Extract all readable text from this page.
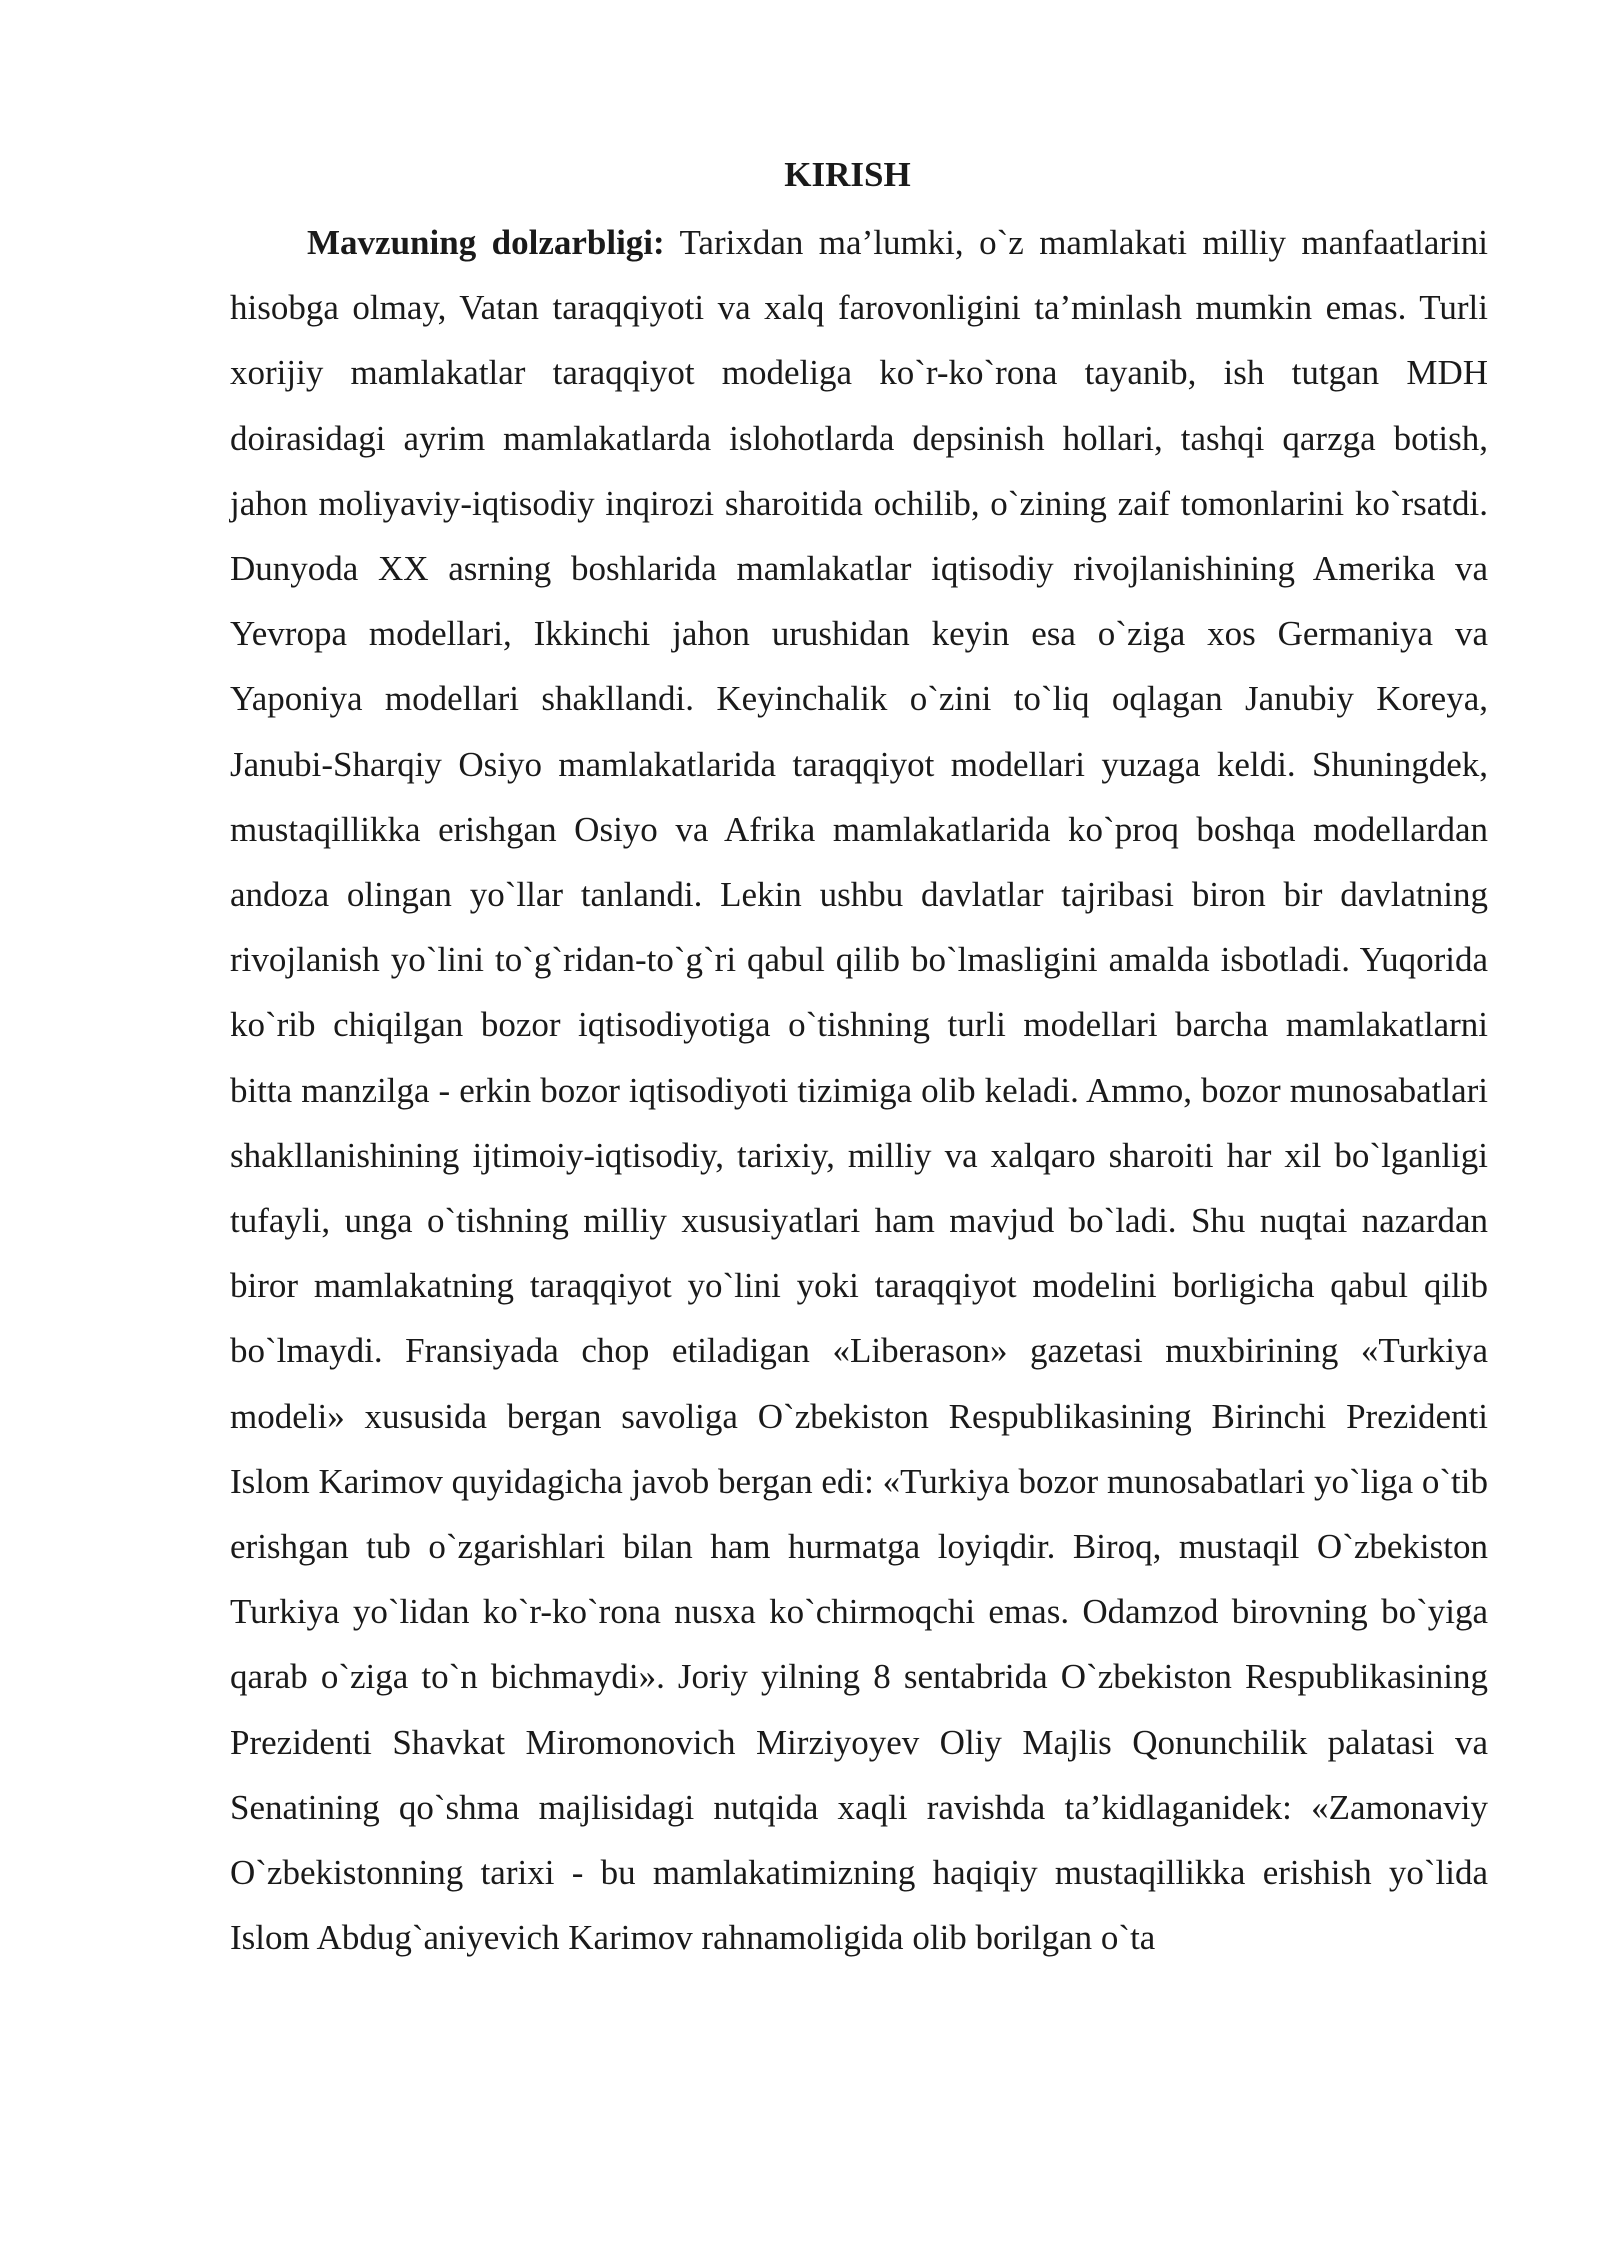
KIRISH

Mavzuning dolzarbligi: Tarixdan ma’lumki, o`z mamlakati milliy manfaatlarini hisobga olmay, Vatan taraqqiyoti va xalq farovonligini ta’minlash mumkin emas. Turli xorijiy mamlakatlar taraqqiyot modeliga ko`r-ko`rona tayanib, ish tutgan MDH doirasidagi ayrim mamlakatlarda islohotlarda depsinish hollari, tashqi qarzga botish, jahon moliyaviy-iqtisodiy inqirozi sharoitida ochilib, o`zining zaif tomonlarini ko`rsatdi. Dunyoda XX asrning boshlarida mamlakatlar iqtisodiy rivojlanishining Amerika va Yevropa modellari, Ikkinchi jahon urushidan keyin esa o`ziga xos Germaniya va Yaponiya modellari shakllandi. Keyinchalik o`zini to`liq oqlagan Janubiy Koreya, Janubi-Sharqiy Osiyo mamlakatlarida taraqqiyot modellari yuzaga keldi. Shuningdek, mustaqillikka erishgan Osiyo va Afrika mamlakatlarida ko`proq boshqa modellardan andoza olingan yo`llar tanlandi. Lekin ushbu davlatlar tajribasi biron bir davlatning rivojlanish yo`lini to`g`ridan-to`g`ri qabul qilib bo`lmasligini amalda isbotladi. Yuqorida ko`rib chiqilgan bozor iqtisodiyotiga o`tishning turli modellari barcha mamlakatlarni bitta manzilga - erkin bozor iqtisodiyoti tizimiga olib keladi. Ammo, bozor munosabatlari shakllanishining ijtimoiy-iqtisodiy, tarixiy, milliy va xalqaro sharoiti har xil bo`lganligi tufayli, unga o`tishning milliy xususiyatlari ham mavjud bo`ladi. Shu nuqtai nazardan biror mamlakatning taraqqiyot yo`lini yoki taraqqiyot modelini borligicha qabul qilib bo`lmaydi. Fransiyada chop etiladigan «Liberason» gazetasi muxbirining «Turkiya modeli» xususida bergan savoliga O`zbekiston Respublikasining Birinchi Prezidenti Islom Karimov quyidagicha javob bergan edi: «Turkiya bozor munosabatlari yo`liga o`tib erishgan tub o`zgarishlari bilan ham hurmatga loyiqdir. Biroq, mustaqil O`zbekiston Turkiya yo`lidan ko`r-ko`rona nusxa ko`chirmoqchi emas. Odamzod birovning bo`yiga qarab o`ziga to`n bichmaydi». Joriy yilning 8 sentabrida O`zbekiston Respublikasining Prezidenti Shavkat Miromonovich Mirziyoyev Oliy Majlis Qonunchilik palatasi va Senatining qo`shma majlisidagi nutqida xaqli ravishda ta’kidlaganidek: «Zamonaviy O`zbekistonning tarixi - bu mamlakatimizning haqiqiy mustaqillikka erishish yo`lida Islom Abdug`aniyevich Karimov rahnamoligida olib borilgan o`ta
